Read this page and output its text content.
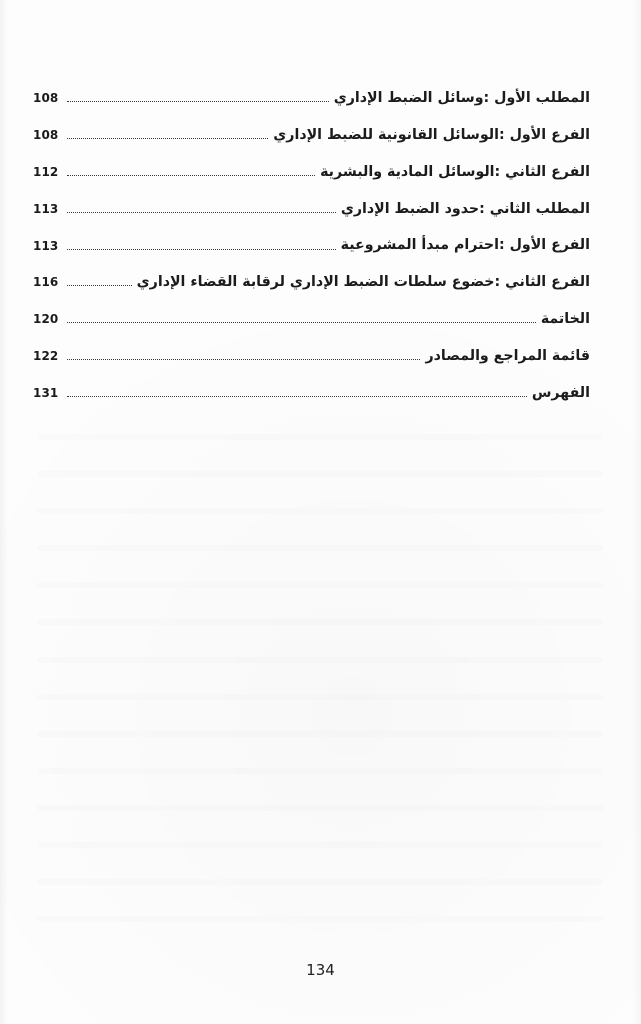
المطلب الأول :وسائل الضبط الإداري
108
الفرع الأول :الوسائل القانونية للضبط الإداري
108
الفرع الثاني :الوسائل المادية والبشرية
112
المطلب الثاني :حدود الضبط الإداري
113
الفرع الأول :احترام مبدأ المشروعية
113
الفرع الثاني :خضوع سلطات الضبط الإداري لرقابة القضاء الإداري
116
الخاتمة
120
قائمة المراجع والمصادر
122
الفهرس
131
134
